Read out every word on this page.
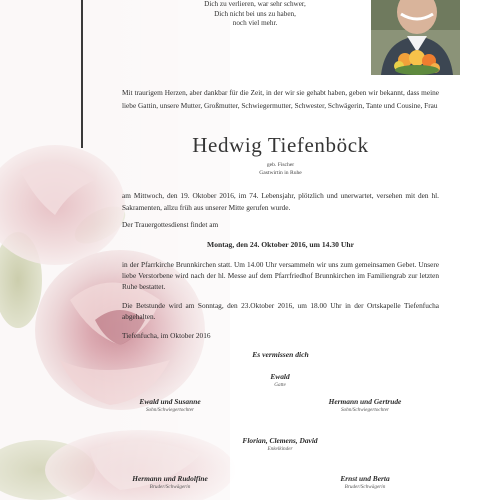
Dich zu verlieren, war sehr schwer,
Dich nicht bei uns zu haben,
noch viel mehr.
Mit traurigem Herzen, aber dankbar für die Zeit, in der wir sie gehabt haben, geben wir bekannt, dass meine liebe Gattin, unsere Mutter, Großmutter, Schwiegermutter, Schwester, Schwägerin, Tante und Cousine, Frau
Hedwig Tiefenböck
geb. Fischer
Gastwirtin in Ruhe
am Mittwoch, den 19. Oktober 2016, im 74. Lebensjahr, plötzlich und unerwartet, versehen mit den hl. Sakramenten, allzu früh aus unserer Mitte gerufen wurde.
Der Trauergottesdienst findet am
Montag, den 24. Oktober 2016, um 14.30 Uhr
in der Pfarrkirche Brunnkirchen statt. Um 14.00 Uhr versammeln wir uns zum gemeinsamen Gebet. Unsere liebe Verstorbene wird nach der hl. Messe auf dem Pfarrfriedhof Brunnkirchen im Familiengrab zur letzten Ruhe bestattet.
Die Betstunde wird am Sonntag, den 23.Oktober 2016, um 18.00 Uhr in der Ortskapelle Tiefenfucha abgehalten.
Tiefenfucha, im Oktober 2016
Es vermissen dich
Ewald
Gatte
Ewald und Susanne
Sohn/Schwiegertochter
Hermann und Gertrude
Sohn/Schwiegertochter
Florian, Clemens, David
Enkelkinder
Hermann und Rudolfine
Bruder/Schwägerin
Ernst und Berta
Bruder/Schwägerin
